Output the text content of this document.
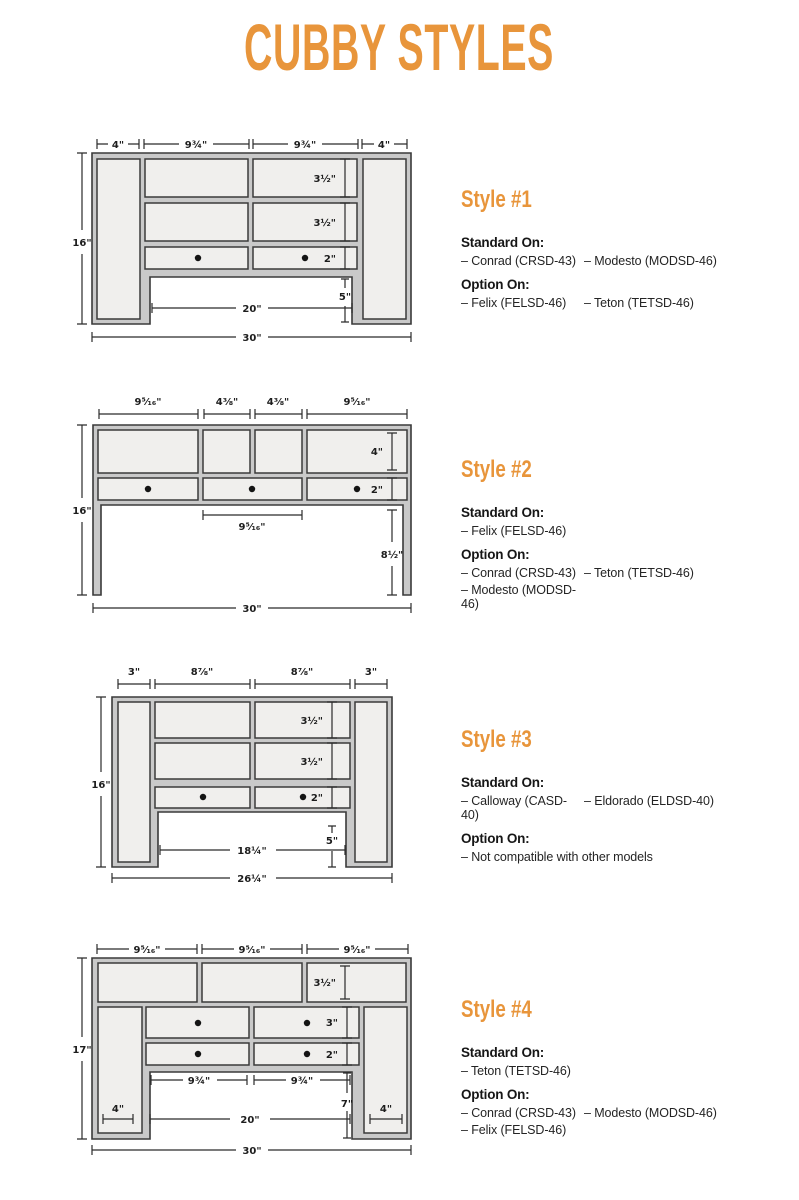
CUBBY STYLES
4"	9¾"	9¾"	4"
16"
3½"
3½"
2"
5"
20"
30"
9⁵⁄₁₆"	4⅜"	4⅜"	9⁵⁄₁₆"
4"
2"
9⁵⁄₁₆"
8½"
16"
30"
3"	8⅞"	8⅞"	3"
16"
3½"
3½"
2"
5"
18¼"
26¼"
9⁵⁄₁₆"	9⁵⁄₁₆"	9⁵⁄₁₆"
3½"
3"
2"
9¾"	9¾"
7"
20"
4"	4"
17"
30"
Style #1
Standard On:
– Conrad (CRSD-43) – Modesto (MODSD-46)
Option On:
– Felix (FELSD-46)	– Teton (TETSD-46)
Style #2
Standard On:
– Felix (FELSD-46)
Option On:
– Conrad (CRSD-43) – Teton (TETSD-46)
– Modesto (MODSD-46)
Style #3
Standard On:
– Calloway (CASD-40)
– Eldorado (ELDSD-40)
Option On:
– Not compatible with other models
Style #4
Standard On:
– Teton (TETSD-46)
Option On:
– Conrad (CRSD-43) – Modesto (MODSD-46)
– Felix (FELSD-46)
